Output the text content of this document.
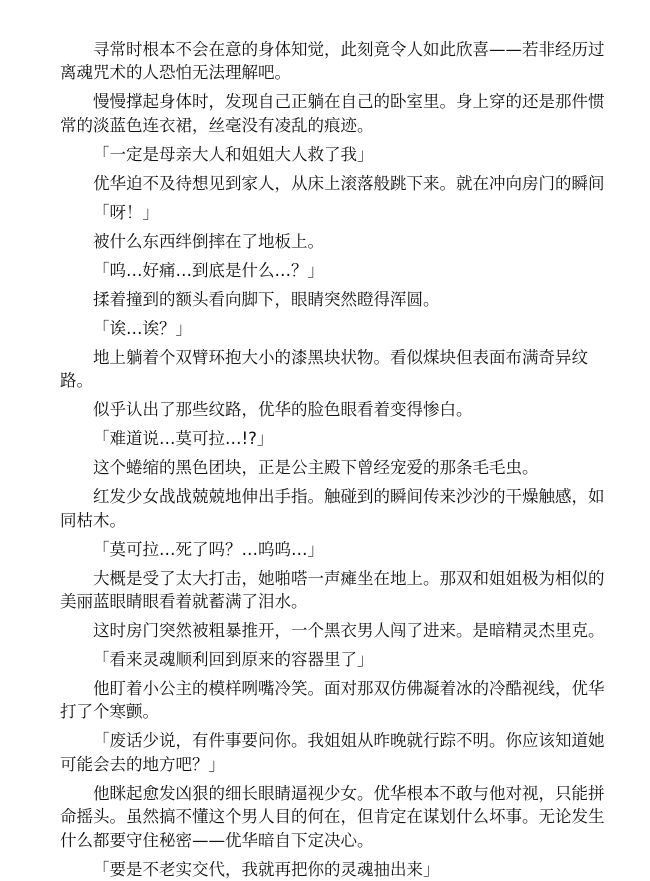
寻常时根本不会在意的身体知觉，此刻竟令人如此欣喜——若非经历过离魂咒术的人恐怕无法理解吧。

慢慢撑起身体时，发现自己正躺在自己的卧室里。身上穿的还是那件惯常的淡蓝色连衣裙，丝毫没有凌乱的痕迹。

「一定是母亲大人和姐姐大人救了我」

优华迫不及待想见到家人，从床上滚落般跳下来。就在冲向房门的瞬间

「呀！」

被什么东西绊倒摔在了地板上。

「呜…好痛…到底是什么…？」

揉着撞到的额头看向脚下，眼睛突然瞪得浑圆。

「诶…诶？」

地上躺着个双臂环抱大小的漆黑块状物。看似煤块但表面布满奇异纹路。

似乎认出了那些纹路，优华的脸色眼看着变得惨白。

「难道说…莫可拉…!?」

这个蜷缩的黑色团块，正是公主殿下曾经宠爱的那条毛毛虫。

红发少女战战兢兢地伸出手指。触碰到的瞬间传来沙沙的干燥触感，如同枯木。

「莫可拉…死了吗？…呜呜…」

大概是受了太大打击，她啪嗒一声瘫坐在地上。那双和姐姐极为相似的美丽蓝眼睛眼看着就蓄满了泪水。

这时房门突然被粗暴推开，一个黑衣男人闯了进来。是暗精灵杰里克。

「看来灵魂顺利回到原来的容器里了」

他盯着小公主的模样咧嘴冷笑。面对那双仿佛凝着冰的冷酷视线，优华打了个寒颤。

「废话少说，有件事要问你。我姐姐从昨晚就行踪不明。你应该知道她可能会去的地方吧？」

他眯起愈发凶狠的细长眼睛逼视少女。优华根本不敢与他对视，只能拼命摇头。虽然搞不懂这个男人目的何在，但肯定在谋划什么坏事。无论发生什么都要守住秘密——优华暗自下定决心。

「要是不老实交代，我就再把你的灵魂抽出来」
